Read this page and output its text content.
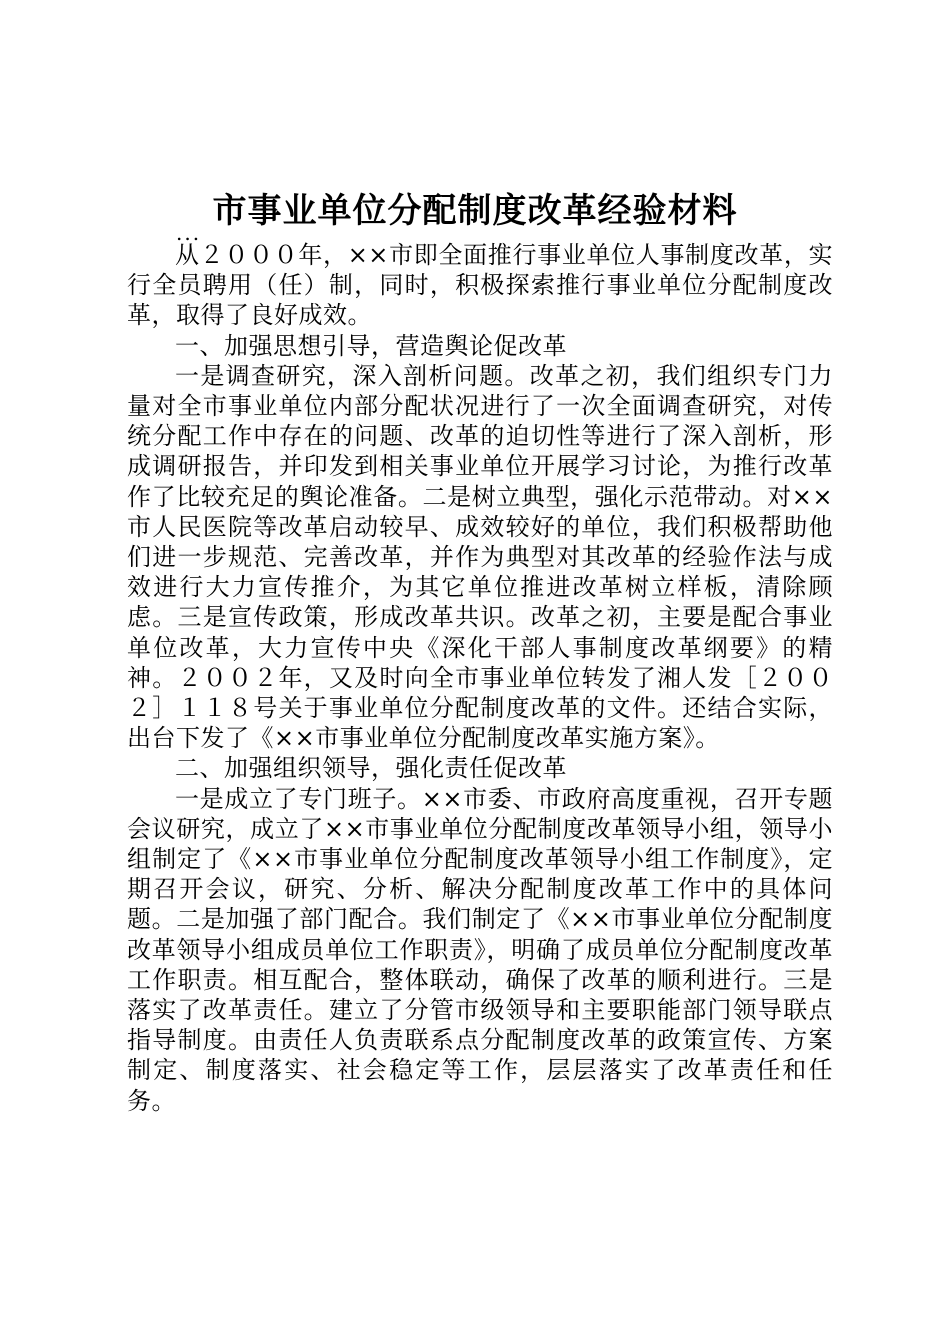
市事业单位分配制度改革经验材料
...

从２０００年，××市即全面推行事业单位人事制度改革，实行全员聘用（任）制，同时，积极探索推行事业单位分配制度改革，取得了良好成效。

一、加强思想引导，营造舆论促改革

一是调查研究，深入剖析问题。改革之初，我们组织专门力量对全市事业单位内部分配状况进行了一次全面调查研究，对传统分配工作中存在的问题、改革的迫切性等进行了深入剖析，形成调研报告，并印发到相关事业单位开展学习讨论，为推行改革作了比较充足的舆论准备。二是树立典型，强化示范带动。对××市人民医院等改革启动较早、成效较好的单位，我们积极帮助他们进一步规范、完善改革，并作为典型对其改革的经验作法与成效进行大力宣传推介，为其它单位推进改革树立样板，清除顾虑。三是宣传政策，形成改革共识。改革之初，主要是配合事业单位改革，大力宣传中央《深化干部人事制度改革纲要》的精神。２００２年，又及时向全市事业单位转发了湘人发［２００２］１１８号关于事业单位分配制度改革的文件。还结合实际，出台下发了《××市事业单位分配制度改革实施方案》。

二、加强组织领导，强化责任促改革

一是成立了专门班子。××市委、市政府高度重视，召开专题会议研究，成立了××市事业单位分配制度改革领导小组，领导小组制定了《××市事业单位分配制度改革领导小组工作制度》，定期召开会议，研究、分析、解决分配制度改革工作中的具体问题。二是加强了部门配合。我们制定了《××市事业单位分配制度改革领导小组成员单位工作职责》，明确了成员单位分配制度改革工作职责。相互配合，整体联动，确保了改革的顺利进行。三是落实了改革责任。建立了分管市级领导和主要职能部门领导联点指导制度。由责任人负责联系点分配制度改革的政策宣传、方案制定、制度落实、社会稳定等工作，层层落实了改革责任和任务。
